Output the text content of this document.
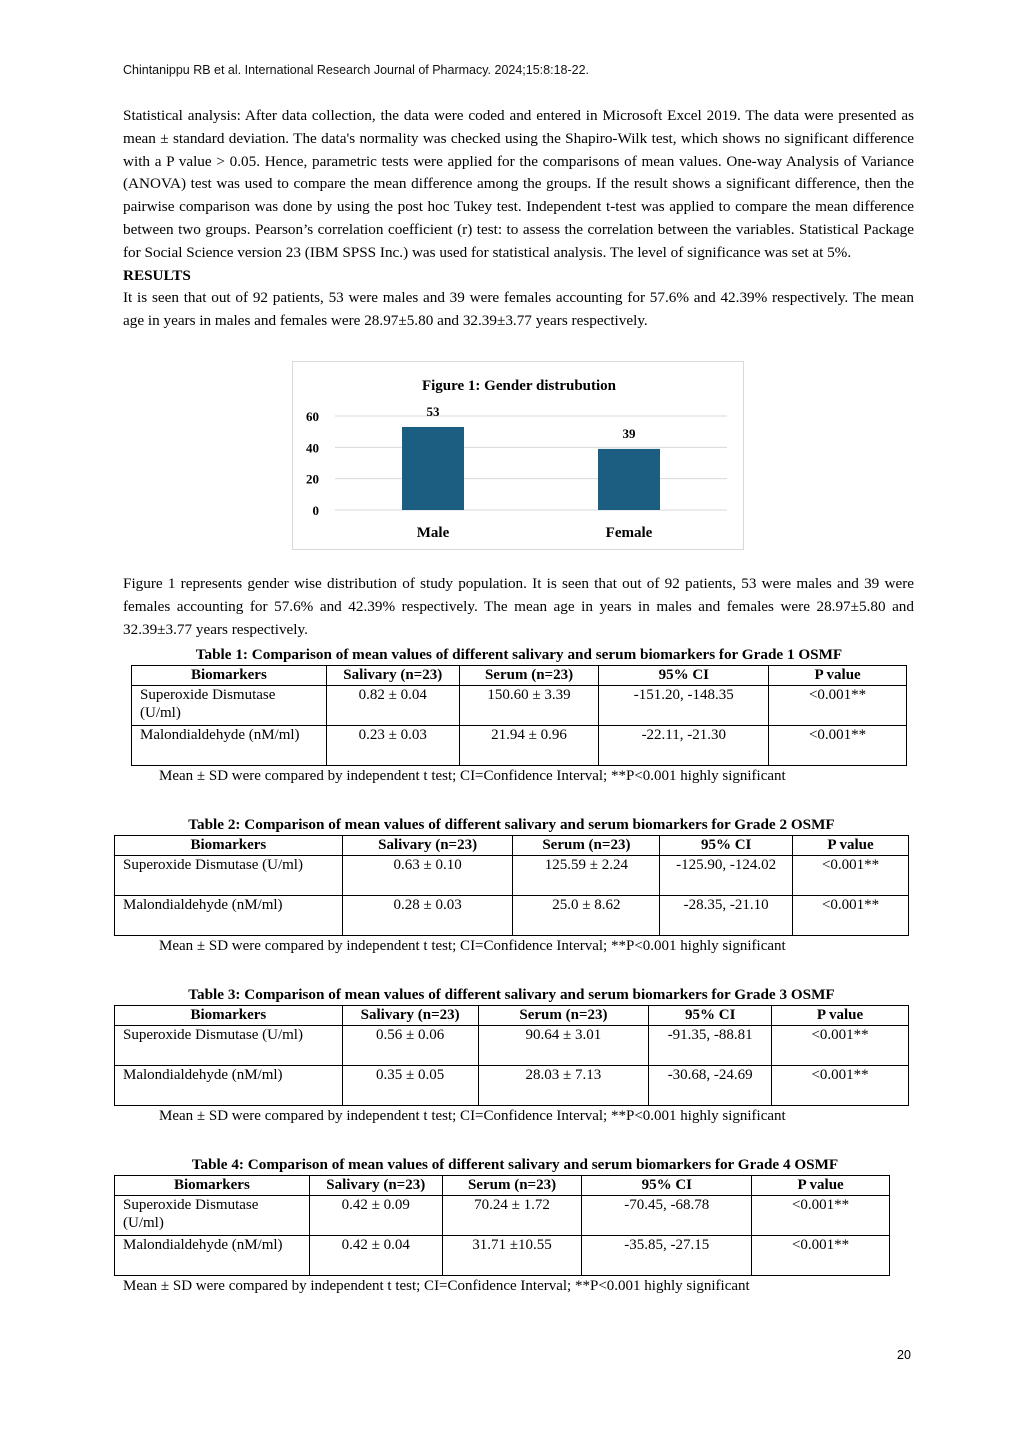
Chintanippu RB et al. International Research Journal of Pharmacy. 2024;15:8:18-22.

Statistical analysis: After data collection, the data were coded and entered in Microsoft Excel 2019. The data were presented as mean ± standard deviation. The data's normality was checked using the Shapiro-Wilk test, which shows no significant difference with a P value > 0.05. Hence, parametric tests were applied for the comparisons of mean values. One-way Analysis of Variance (ANOVA) test was used to compare the mean difference among the groups. If the result shows a significant difference, then the pairwise comparison was done by using the post hoc Tukey test. Independent t-test was applied to compare the mean difference between two groups. Pearson’s correlation coefficient (r) test: to assess the correlation between the variables. Statistical Package for Social Science version 23 (IBM SPSS Inc.) was used for statistical analysis. The level of significance was set at 5%.

RESULTS

It is seen that out of 92 patients, 53 were males and 39 were females accounting for 57.6% and 42.39% respectively. The mean age in years in males and females were 28.97±5.80 and 32.39±3.77 years respectively.

Figure 1: Gender distrubution
0
20
40
60	53
Male
39
Female

Figure 1 represents gender wise distribution of study population. It is seen that out of 92 patients, 53 were males and 39 were females accounting for 57.6% and 42.39% respectively. The mean age in years in males and females were 28.97±5.80 and 32.39±3.77 years respectively.

Table 1: Comparison of mean values of different salivary and serum biomarkers for Grade 1 OSMF
Biomarkers	Salivary (n=23)	Serum (n=23)	95% CI	P value
Superoxide Dismutase (U/ml)	0.82 ± 0.04	150.60 ± 3.39	-151.20, -148.35	<0.001**
Malondialdehyde (nM/ml)	0.23 ± 0.03	21.94 ± 0.96	-22.11, -21.30	<0.001**
Mean ± SD were compared by independent t test; CI=Confidence Interval; **P<0.001 highly significant
Table 2: Comparison of mean values of different salivary and serum biomarkers for Grade 2 OSMF
Biomarkers	Salivary (n=23)	Serum (n=23)	95% CI	P value
Superoxide Dismutase (U/ml)	0.63 ± 0.10	125.59 ± 2.24	-125.90, -124.02	<0.001**
Malondialdehyde (nM/ml)	0.28 ± 0.03	25.0 ± 8.62	-28.35, -21.10	<0.001**
Mean ± SD were compared by independent t test; CI=Confidence Interval; **P<0.001 highly significant
Table 3: Comparison of mean values of different salivary and serum biomarkers for Grade 3 OSMF
Biomarkers	Salivary (n=23)	Serum (n=23)	95% CI	P value
Superoxide Dismutase (U/ml)	0.56 ± 0.06	90.64 ± 3.01	-91.35, -88.81	<0.001**
Malondialdehyde (nM/ml)	0.35 ± 0.05	28.03 ± 7.13	-30.68, -24.69	<0.001**
Mean ± SD were compared by independent t test; CI=Confidence Interval; **P<0.001 highly significant
Table 4: Comparison of mean values of different salivary and serum biomarkers for Grade 4 OSMF
Biomarkers	Salivary (n=23)	Serum (n=23)	95% CI	P value
Superoxide Dismutase (U/ml)	0.42 ± 0.09	70.24 ± 1.72	-70.45, -68.78	<0.001**
Malondialdehyde (nM/ml)	0.42 ± 0.04	31.71 ±10.55	-35.85, -27.15	<0.001**
Mean ± SD were compared by independent t test; CI=Confidence Interval; **P<0.001 highly significant
20
